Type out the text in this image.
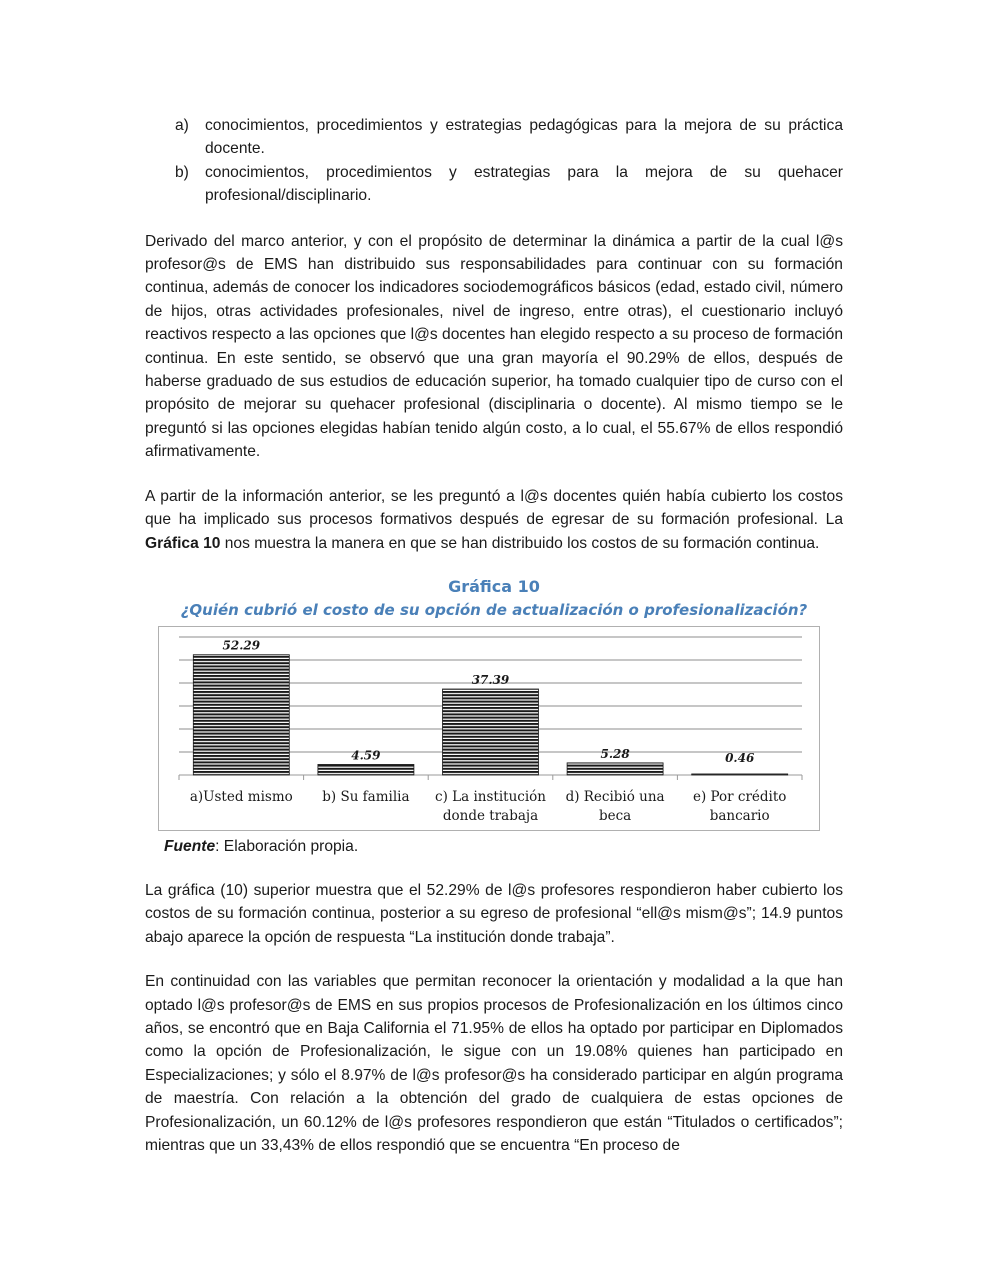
a)	conocimientos, procedimientos y estrategias pedagógicas para la mejora de su práctica docente.
b)	conocimientos, procedimientos y estrategias para la mejora de su quehacer profesional/disciplinario.

Derivado del marco anterior, y con el propósito de determinar la dinámica a partir de la cual l@s profesor@s de EMS han distribuido sus responsabilidades para continuar con su formación continua, además de conocer los indicadores sociodemográficos básicos (edad, estado civil, número de hijos, otras actividades profesionales, nivel de ingreso, entre otras), el cuestionario incluyó reactivos respecto a las opciones que l@s docentes han elegido respecto a su proceso de formación continua. En este sentido, se observó que una gran mayoría el 90.29% de ellos, después de haberse graduado de sus estudios de educación superior, ha tomado cualquier tipo de curso con el propósito de mejorar su quehacer profesional (disciplinaria o docente). Al mismo tiempo se le preguntó si las opciones elegidas habían tenido algún costo, a lo cual, el 55.67% de ellos respondió afirmativamente.

A partir de la información anterior, se les preguntó a l@s docentes quién había cubierto los costos que ha implicado sus procesos formativos después de egresar de su formación profesional. La Gráfica 10 nos muestra la manera en que se han distribuido los costos de su formación continua.

Gráfica 10

¿Quién cubrió el costo de su opción de actualización o profesionalización?

52.29
4.59
37.39
5.28	0.46
a)Usted mismo b) Su familia c) La institución
donde trabaja
d) Recibió una
beca
e) Por crédito
bancario
Fuente: Elaboración propia.

La gráfica (10) superior muestra que el 52.29% de l@s profesores respondieron haber cubierto los costos de su formación continua, posterior a su egreso de profesional “ell@s mism@s”; 14.9 puntos abajo aparece la opción de respuesta “La institución donde trabaja”.

En continuidad con las variables que permitan reconocer la orientación y modalidad a la que han optado l@s profesor@s de EMS en sus propios procesos de Profesionalización en los últimos cinco años, se encontró que en Baja California el 71.95% de ellos ha optado por participar en Diplomados como la opción de Profesionalización, le sigue con un 19.08% quienes han participado en Especializaciones; y sólo el 8.97% de l@s profesor@s ha considerado participar en algún programa de maestría. Con relación a la obtención del grado de cualquiera de estas opciones de Profesionalización, un 60.12% de l@s profesores respondieron que están “Titulados o certificados”; mientras que un 33,43% de ellos respondió que se encuentra “En proceso de
